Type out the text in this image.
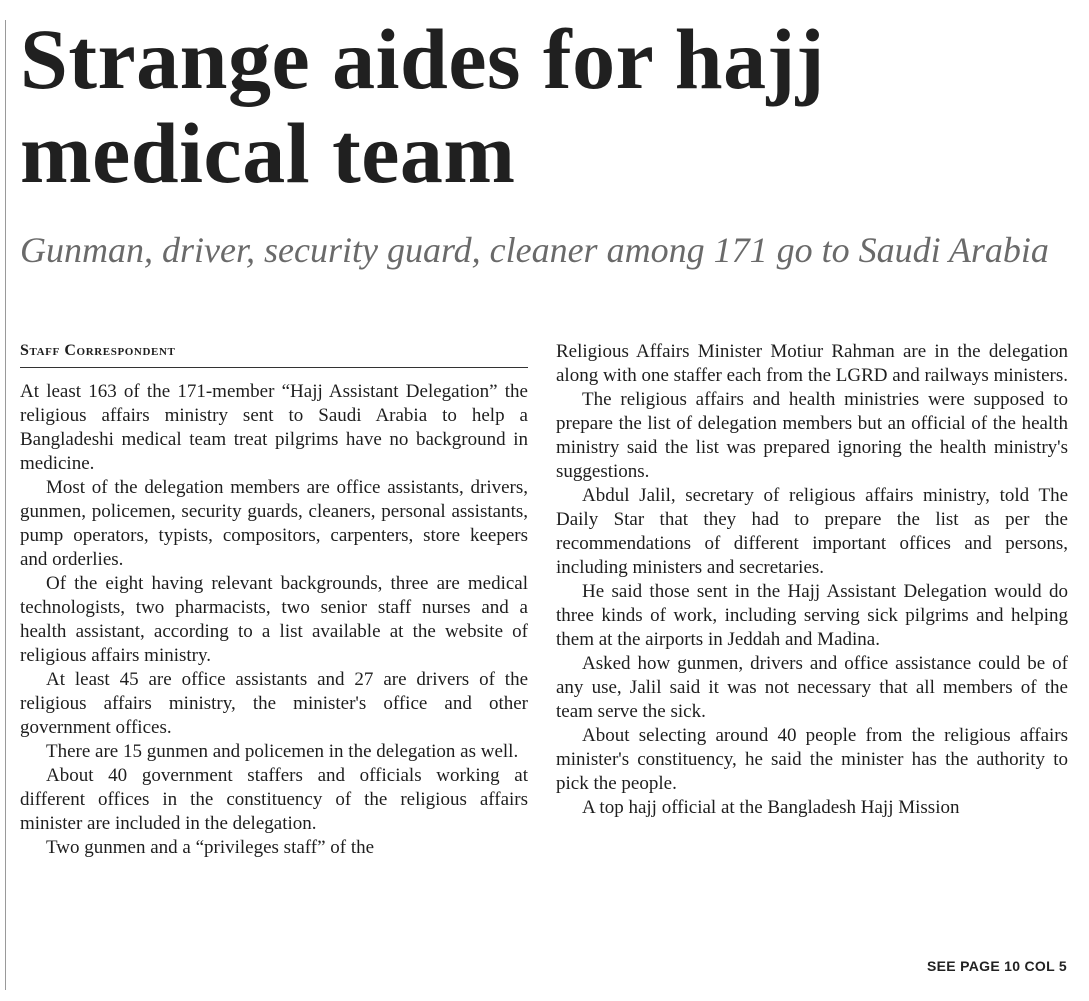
Strange aides for hajj medical team
Gunman, driver, security guard, cleaner among 171 go to Saudi Arabia
Staff Correspondent

At least 163 of the 171-member “Hajj Assistant Delegation” the religious affairs ministry sent to Saudi Arabia to help a Bangladeshi medical team treat pilgrims have no background in medicine.

Most of the delegation members are office assistants, drivers, gunmen, policemen, security guards, cleaners, personal assistants, pump operators, typists, compositors, carpenters, store keepers and orderlies.

Of the eight having relevant backgrounds, three are medical technologists, two pharmacists, two senior staff nurses and a health assistant, according to a list available at the website of religious affairs ministry.

At least 45 are office assistants and 27 are drivers of the religious affairs ministry, the minister's office and other government offices.

There are 15 gunmen and policemen in the delegation as well.

About 40 government staffers and officials working at different offices in the constituency of the religious affairs minister are included in the delegation.

Two gunmen and a “privileges staff” of the

Religious Affairs Minister Motiur Rahman are in the delegation along with one staffer each from the LGRD and railways ministers.

The religious affairs and health ministries were supposed to prepare the list of delegation members but an official of the health ministry said the list was prepared ignoring the health ministry's suggestions.

Abdul Jalil, secretary of religious affairs ministry, told The Daily Star that they had to prepare the list as per the recommendations of different important offices and persons, including ministers and secretaries.

He said those sent in the Hajj Assistant Delegation would do three kinds of work, including serving sick pilgrims and helping them at the airports in Jeddah and Madina.

Asked how gunmen, drivers and office assistance could be of any use, Jalil said it was not necessary that all members of the team serve the sick.

About selecting around 40 people from the religious affairs minister's constituency, he said the minister has the authority to pick the people.

A top hajj official at the Bangladesh Hajj Mission

SEE PAGE 10 COL 5
